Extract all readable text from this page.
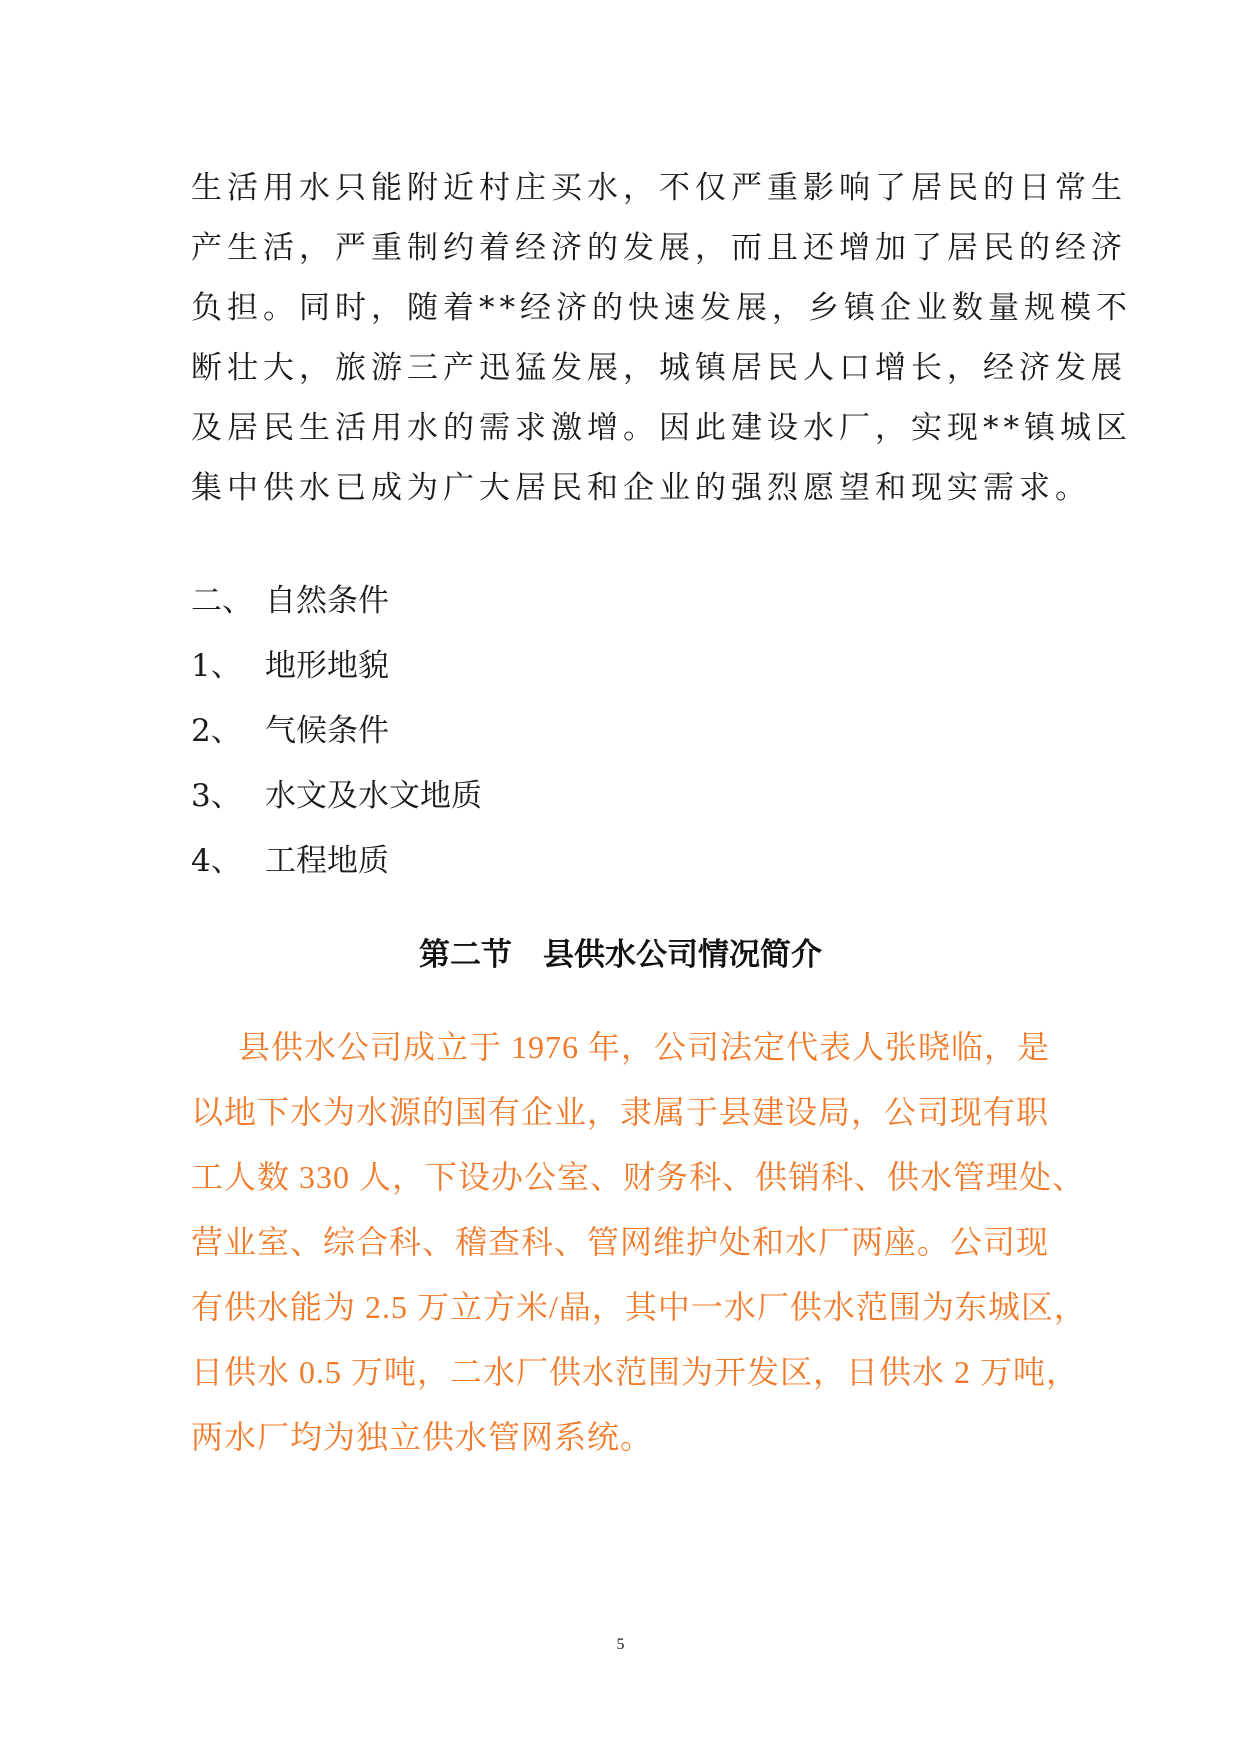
生活用水只能附近村庄买水，不仅严重影响了居民的日常生
产生活，严重制约着经济的发展，而且还增加了居民的经济
负担。同时，随着**经济的快速发展，乡镇企业数量规模不
断壮大，旅游三产迅猛发展，城镇居民人口增长，经济发展
及居民生活用水的需求激增。因此建设水厂，实现**镇城区
集中供水已成为广大居民和企业的强烈愿望和现实需求。
二、 自然条件
1、 地形地貌
2、 气候条件
3、 水文及水文地质
4、 工程地质
第二节　县供水公司情况简介
县供水公司成立于 1976 年，公司法定代表人张晓临，是
以地下水为水源的国有企业，隶属于县建设局，公司现有职
工人数 330 人，下设办公室、财务科、供销科、供水管理处、
营业室、综合科、稽查科、管网维护处和水厂两座。公司现
有供水能为 2.5 万立方米/晶，其中一水厂供水范围为东城区，
日供水 0.5 万吨，二水厂供水范围为开发区，日供水 2 万吨，
两水厂均为独立供水管网系统。
5
